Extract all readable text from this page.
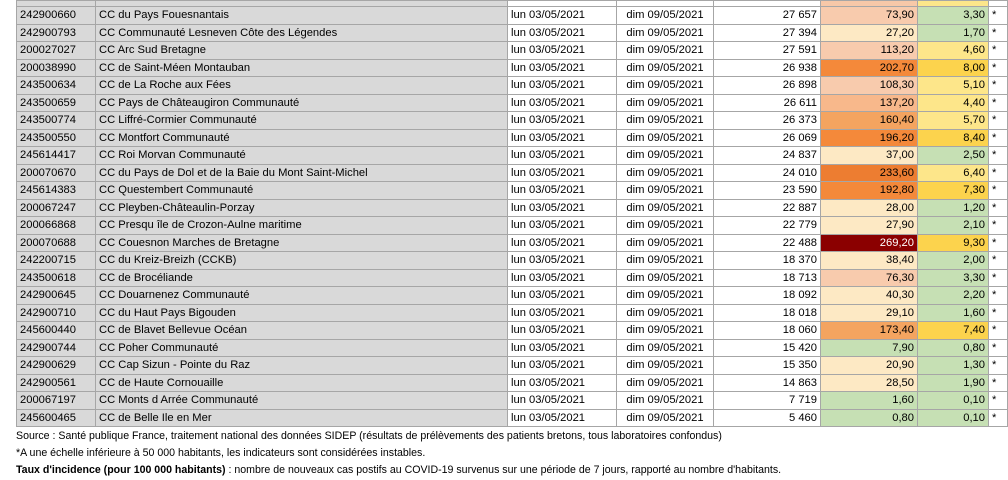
242900660	CC du Pays Fouesnantais	lun 03/05/2021	dim 09/05/2021	27 657	73,90	3,30	*
242900793	CC Communauté Lesneven Côte des Légendes	lun 03/05/2021	dim 09/05/2021	27 394	27,20	1,70	*
200027027	CC Arc Sud Bretagne	lun 03/05/2021	dim 09/05/2021	27 591	113,20	4,60	*
200038990	CC de Saint-Méen Montauban	lun 03/05/2021	dim 09/05/2021	26 938	202,70	8,00	*
243500634	CC de La Roche aux Fées	lun 03/05/2021	dim 09/05/2021	26 898	108,30	5,10	*
243500659	CC Pays de Châteaugiron Communauté	lun 03/05/2021	dim 09/05/2021	26 611	137,20	4,40	*
243500774	CC Liffré-Cormier Communauté	lun 03/05/2021	dim 09/05/2021	26 373	160,40	5,70	*
243500550	CC Montfort Communauté	lun 03/05/2021	dim 09/05/2021	26 069	196,20	8,40	*
245614417	CC Roi Morvan Communauté	lun 03/05/2021	dim 09/05/2021	24 837	37,00	2,50	*
200070670	CC du Pays de Dol et de la Baie du Mont Saint-Michel	lun 03/05/2021	dim 09/05/2021	24 010	233,60	6,40	*
245614383	CC Questembert Communauté	lun 03/05/2021	dim 09/05/2021	23 590	192,80	7,30	*
200067247	CC Pleyben-Châteaulin-Porzay	lun 03/05/2021	dim 09/05/2021	22 887	28,00	1,20	*
200066868	CC Presqu île de Crozon-Aulne maritime	lun 03/05/2021	dim 09/05/2021	22 779	27,90	2,10	*
200070688	CC Couesnon Marches de Bretagne	lun 03/05/2021	dim 09/05/2021	22 488	269,20	9,30	*
242200715	CC du Kreiz-Breizh (CCKB)	lun 03/05/2021	dim 09/05/2021	18 370	38,40	2,00	*
243500618	CC de Brocéliande	lun 03/05/2021	dim 09/05/2021	18 713	76,30	3,30	*
242900645	CC Douarnenez Communauté	lun 03/05/2021	dim 09/05/2021	18 092	40,30	2,20	*
242900710	CC du Haut Pays Bigouden	lun 03/05/2021	dim 09/05/2021	18 018	29,10	1,60	*
245600440	CC de Blavet Bellevue Océan	lun 03/05/2021	dim 09/05/2021	18 060	173,40	7,40	*
242900744	CC Poher Communauté	lun 03/05/2021	dim 09/05/2021	15 420	7,90	0,80	*
242900629	CC Cap Sizun - Pointe du Raz	lun 03/05/2021	dim 09/05/2021	15 350	20,90	1,30	*
242900561	CC de Haute Cornouaille	lun 03/05/2021	dim 09/05/2021	14 863	28,50	1,90	*
200067197	CC Monts d Arrée Communauté	lun 03/05/2021	dim 09/05/2021	7 719	1,60	0,10	*
245600465	CC de Belle Ile en Mer	lun 03/05/2021	dim 09/05/2021	5 460	0,80	0,10	*

Source : Santé publique France, traitement national des données SIDEP (résultats de prélèvements des patients bretons, tous laboratoires confondus)

*A une échelle inférieure à 50 000 habitants, les indicateurs sont considérées instables.

Taux d'incidence (pour 100 000 habitants) : nombre de nouveaux cas postifs au COVID-19 survenus sur une période de 7 jours, rapporté au nombre d'habitants.
